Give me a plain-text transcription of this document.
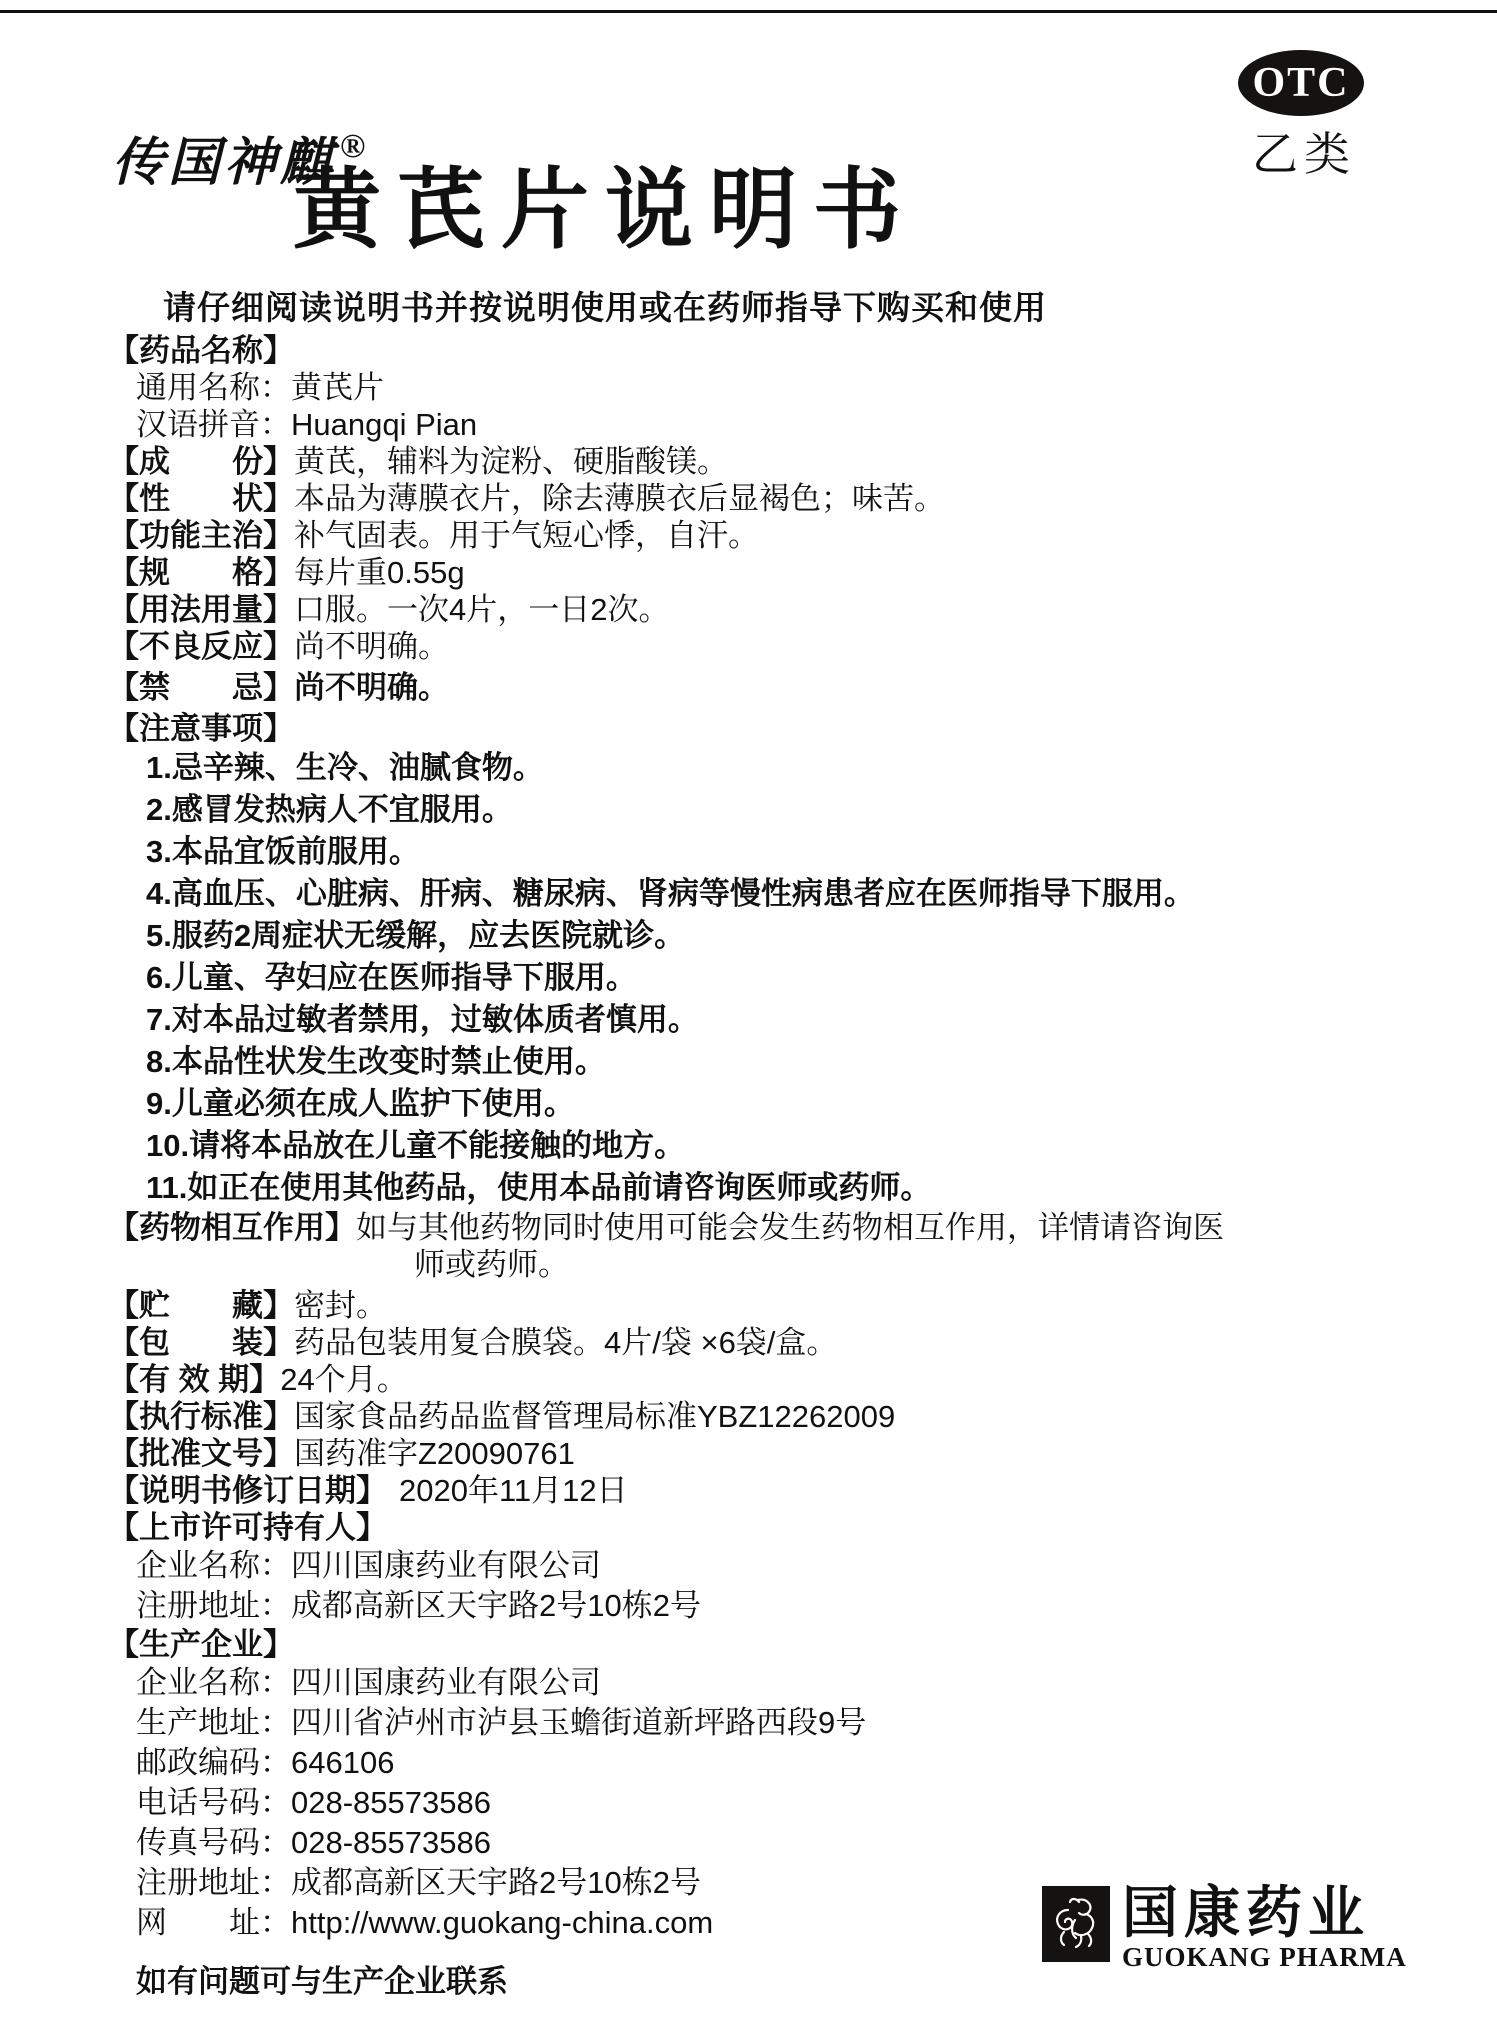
传国神麒 ®
OTC
乙类
黄芪片说明书
请仔细阅读说明书并按说明使用或在药师指导下购买和使用
【药品名称】
通用名称：黄芪片
汉语拼音：Huangqi Pian
【成　　份】黄芪，辅料为淀粉、硬脂酸镁。
【性　　状】本品为薄膜衣片，除去薄膜衣后显褐色；味苦。
【功能主治】补气固表。用于气短心悸，自汗。
【规　　格】每片重0.55g
【用法用量】口服。一次4片，一日2次。
【不良反应】尚不明确。
【禁　　忌】尚不明确。
【注意事项】
1.忌辛辣、生冷、油腻食物。
2.感冒发热病人不宜服用。
3.本品宜饭前服用。
4.高血压、心脏病、肝病、糖尿病、肾病等慢性病患者应在医师指导下服用。
5.服药2周症状无缓解，应去医院就诊。
6.儿童、孕妇应在医师指导下服用。
7.对本品过敏者禁用，过敏体质者慎用。
8.本品性状发生改变时禁止使用。
9.儿童必须在成人监护下使用。
10.请将本品放在儿童不能接触的地方。
11.如正在使用其他药品，使用本品前请咨询医师或药师。
【药物相互作用】如与其他药物同时使用可能会发生药物相互作用，详情请咨询医
师或药师。
【贮　　藏】密封。
【包　　装】药品包装用复合膜袋。4片/袋 ×6袋/盒。
【有 效 期】24个月。
【执行标准】国家食品药品监督管理局标准YBZ12262009
【批准文号】国药准字Z20090761
【说明书修订日期】 2020年11月12日
【上市许可持有人】
企业名称：四川国康药业有限公司
注册地址：成都高新区天宇路2号10栋2号
【生产企业】
企业名称：四川国康药业有限公司
生产地址：四川省泸州市泸县玉蟾街道新坪路西段9号
邮政编码：646106
电话号码：028-85573586
传真号码：028-85573586
注册地址：成都高新区天宇路2号10栋2号
网　　址：http://www.guokang-china.com
如有问题可与生产企业联系
国康药业
GUOKANG PHARMA
